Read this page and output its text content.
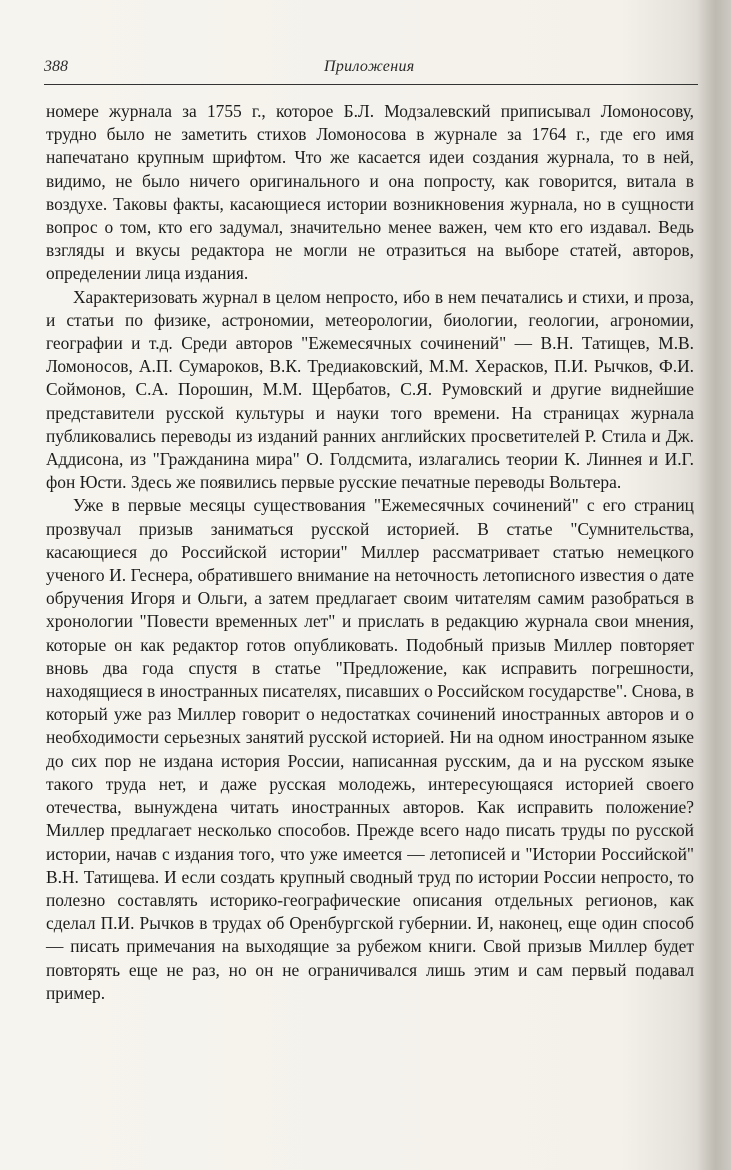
388	Приложения

номере журнала за 1755 г., которое Б.Л. Модзалевский приписывал Ломоносову, трудно было не заметить стихов Ломоносова в журнале за 1764 г., где его имя напечатано крупным шрифтом. Что же касается идеи создания журнала, то в ней, видимо, не было ничего оригинального и она попросту, как говорится, витала в воздухе. Таковы факты, касающиеся истории возникновения журнала, но в сущности вопрос о том, кто его задумал, значительно менее важен, чем кто его издавал. Ведь взгляды и вкусы редактора не могли не отразиться на выборе статей, авторов, определении лица издания.

Характеризовать журнал в целом непросто, ибо в нем печатались и стихи, и проза, и статьи по физике, астрономии, метеорологии, биологии, геологии, агрономии, географии и т.д. Среди авторов "Ежемесячных сочинений" — В.Н. Татищев, М.В. Ломоносов, А.П. Сумароков, В.К. Тредиаковский, М.М. Херасков, П.И. Рычков, Ф.И. Соймонов, С.А. Порошин, М.М. Щербатов, С.Я. Румовский и другие виднейшие представители русской культуры и науки того времени. На страницах журнала публиковались переводы из изданий ранних английских просветителей Р. Стила и Дж. Аддисона, из "Гражданина мира" О. Голдсмита, излагались теории К. Линнея и И.Г. фон Юсти. Здесь же появились первые русские печатные переводы Вольтера.

Уже в первые месяцы существования "Ежемесячных сочинений" с его страниц прозвучал призыв заниматься русской историей. В статье "Сумнительства, касающиеся до Российской истории" Миллер рассматривает статью немецкого ученого И. Геснера, обратившего внимание на неточность летописного известия о дате обручения Игоря и Ольги, а затем предлагает своим читателям самим разобраться в хронологии "Повести временных лет" и прислать в редакцию журнала свои мнения, которые он как редактор готов опубликовать. Подобный призыв Миллер повторяет вновь два года спустя в статье "Предложение, как исправить погрешности, находящиеся в иностранных писателях, писавших о Российском государстве". Снова, в который уже раз Миллер говорит о недостатках сочинений иностранных авторов и о необходимости серьезных занятий русской историей. Ни на одном иностранном языке до сих пор не издана история России, написанная русским, да и на русском языке такого труда нет, и даже русская молодежь, интересующаяся историей своего отечества, вынуждена читать иностранных авторов. Как исправить положение? Миллер предлагает несколько способов. Прежде всего надо писать труды по русской истории, начав с издания того, что уже имеется — летописей и "Истории Российской" В.Н. Татищева. И если создать крупный сводный труд по истории России непросто, то полезно составлять историко-географические описания отдельных регионов, как сделал П.И. Рычков в трудах об Оренбургской губернии. И, наконец, еще один способ — писать примечания на выходящие за рубежом книги. Свой призыв Миллер будет повторять еще не раз, но он не ограничивался лишь этим и сам первый подавал пример.
